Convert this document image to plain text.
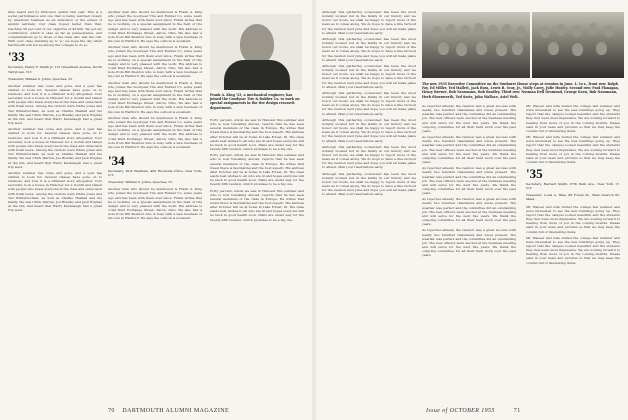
time heard and by Princeton earlier this year. This is a social performance and one that is being watched closely by American business as an indication of the extent of alumni self-help. Our class hoped better than that, reaching 58 per cent of our objective of $3,000. We got my contribution, which is okay as far as perseverance, and congratulations go to those of the class who met the call. With your class standing up to 'p,' we hope the day when Dartmouth will not be among the colleges to do so.

'33
Secretary, Henry F. Smith Jr. 115 Greenfield Avenue, North Tarrytown, N.Y.
Treasurer, William S. Johns, Quechee, Vt.

Another summer has come and gone, and a year has started to loom for. Several classes have gone on to reunions, and now it is a different story altogether. Your secretary took a house in Hanover for a month and talked with people who knew everyone in the class and came back with fresh news. Among the visitors were Eddie Jones and Ted Winterbotham, as well as Charlie Haskell and his family. We saw Chick Warren, Joe Bradley and Jack Hughes at the Inn, and heard that Harry Kavanaugh had a great trip west.

Another summer has come and gone, and a year has started to loom for. Several classes have gone on to reunions, and now it is a different story altogether. Your secretary took a house in Hanover for a month and talked with people who knew everyone in the class and came back with fresh news. Among the visitors were Eddie Jones and Ted Winterbotham, as well as Charlie Haskell and his family. We saw Chick Warren, Joe Bradley and Jack Hughes at the Inn, and heard that Harry Kavanaugh had a great trip west.

Another summer has come and gone, and a year has started to loom for. Several classes have gone on to reunions, and now it is a different story altogether. Your secretary took a house in Hanover for a month and talked with people who knew everyone in the class and came back with fresh news. Among the visitors were Eddie Jones and Ted Winterbotham, as well as Charlie Haskell and his family. We saw Chick Warren, Joe Bradley and Jack Hughes at the Inn, and heard that Harry Kavanaugh had a great trip west.

Another man who should be mentioned is Frank A. King who joined the Goodyear Tire and Rubber Co. some years ago and has been with them ever since. Frank writes that he is working on a special assignment in the field of tire design and is very pleased with the work. His address is 1144 West Exchange Street, Akron, Ohio. We also had a note from Bill Sheldon who is busy with a new business of his own in Hartford. He says the outlook is excellent.

Another man who should be mentioned is Frank A. King who joined the Goodyear Tire and Rubber Co. some years ago and has been with them ever since. Frank writes that he is working on a special assignment in the field of tire design and is very pleased with the work. His address is 1144 West Exchange Street, Akron, Ohio. We also had a note from Bill Sheldon who is busy with a new business of his own in Hartford. He says the outlook is excellent.

Another man who should be mentioned is Frank A. King who joined the Goodyear Tire and Rubber Co. some years ago and has been with them ever since. Frank writes that he is working on a special assignment in the field of tire design and is very pleased with the work. His address is 1144 West Exchange Street, Akron, Ohio. We also had a note from Bill Sheldon who is busy with a new business of his own in Hartford. He says the outlook is excellent.

Another man who should be mentioned is Frank A. King who joined the Goodyear Tire and Rubber Co. some years ago and has been with them ever since. Frank writes that he is working on a special assignment in the field of tire design and is very pleased with the work. His address is 1144 West Exchange Street, Akron, Ohio. We also had a note from Bill Sheldon who is busy with a new business of his own in Hartford. He says the outlook is excellent.

'34
Secretary, Dick Wellman, 460 Riverside Drive, New York, N.Y.
Treasurer, William S. Johns, Quechee, Vt.

Another man who should be mentioned is Frank A. King who joined the Goodyear Tire and Rubber Co. some years ago and has been with them ever since. Frank writes that he is working on a special assignment in the field of tire design and is very pleased with the work. His address is 1144 West Exchange Street, Akron, Ohio. We also had a note from Bill Sheldon who is busy with a new business of his own in Hartford. He says the outlook is excellent.

Frank A. King '33, a mechanical engineer, has joined the Goodyear Tire & Rubber Co. to work on special assignments in the tire design research department.

Forty percent, whom we saw in Hanover this summer and who is now travelling abroad, reports that he has seen several members of the class in Europe. He writes that travel there is fascinating and the food superb. His address after October will be at home in Lake Forest, Ill. The class sends best wishes to all who are ill and hopes everyone will be back in good health soon. Plans are under way for the twenty-fifth reunion, which promises to be a big one.

Forty percent, whom we saw in Hanover this summer and who is now travelling abroad, reports that he has seen several members of the class in Europe. He writes that travel there is fascinating and the food superb. His address after October will be at home in Lake Forest, Ill. The class sends best wishes to all who are ill and hopes everyone will be back in good health soon. Plans are under way for the twenty-fifth reunion, which promises to be a big one.

Forty percent, whom we saw in Hanover this summer and who is now travelling abroad, reports that he has seen several members of the class in Europe. He writes that travel there is fascinating and the food superb. His address after October will be at home in Lake Forest, Ill. The class sends best wishes to all who are ill and hopes everyone will be back in good health soon. Plans are under way for the twenty-fifth reunion, which promises to be a big one.

70 DARTMOUTH ALUMNI MAGAZINE

Although this gathering occasioned has been the most notably located but in the family in our history and we honor our hosts, we shall be happy to report more of the news as it comes along. We do hope to have a fine turnout for the reunion next June and hope you will all make plans to attend. Mail your reservations early.

Although this gathering occasioned has been the most notably located but in the family in our history and we honor our hosts, we shall be happy to report more of the news as it comes along. We do hope to have a fine turnout for the reunion next June and hope you will all make plans to attend. Mail your reservations early.

Although this gathering occasioned has been the most notably located but in the family in our history and we honor our hosts, we shall be happy to report more of the news as it comes along. We do hope to have a fine turnout for the reunion next June and hope you will all make plans to attend. Mail your reservations early.

Although this gathering occasioned has been the most notably located but in the family in our history and we honor our hosts, we shall be happy to report more of the news as it comes along. We do hope to have a fine turnout for the reunion next June and hope you will all make plans to attend. Mail your reservations early.

Although this gathering occasioned has been the most notably located but in the family in our history and we honor our hosts, we shall be happy to report more of the news as it comes along. We do hope to have a fine turnout for the reunion next June and hope you will all make plans to attend. Mail your reservations early.

Although this gathering occasioned has been the most notably located but in the family in our history and we honor our hosts, we shall be happy to report more of the news as it comes along. We do hope to have a fine turnout for the reunion next June and hope you will all make plans to attend. Mail your reservations early.

Although this gathering occasioned has been the most notably located but in the family in our history and we honor our hosts, we shall be happy to report more of the news as it comes along. We do hope to have a fine turnout for the reunion next June and hope you will all make plans to attend. Mail your reservations early.

The new 1935 Executive Committee on the Sunburst House steps at reunion in June. L. to r., front row: Ralph Fay, Ed Miller, Ted Mallett, Jack Ross, Lewis B. Gray, Jr., Wally Carey, Julie Huxley. Second row: Paul Flanagan, Henry Brewer, Bob Nessmann, Bob Bradley. Third row: Norman Dell Desmond, George Keen, Bob Nassmann, Herb Shoenwerth, Ted Sortz, John Wallace, Ariel Welt.

As reported already, the reunion was a great success with nearly two hundred classmates and wives present. The weather was perfect and the committee did an outstanding job. The new officers were elected at the business meeting and will serve for the next five years. We thank the outgoing committee for all their hard work over the past years.

As reported already, the reunion was a great success with nearly two hundred classmates and wives present. The weather was perfect and the committee did an outstanding job. The new officers were elected at the business meeting and will serve for the next five years. We thank the outgoing committee for all their hard work over the past years.

As reported already, the reunion was a great success with nearly two hundred classmates and wives present. The weather was perfect and the committee did an outstanding job. The new officers were elected at the business meeting and will serve for the next five years. We thank the outgoing committee for all their hard work over the past years.

As reported already, the reunion was a great success with nearly two hundred classmates and wives present. The weather was perfect and the committee did an outstanding job. The new officers were elected at the business meeting and will serve for the next five years. We thank the outgoing committee for all their hard work over the past years.

As reported already, the reunion was a great success with nearly two hundred classmates and wives present. The weather was perfect and the committee did an outstanding job. The new officers were elected at the business meeting and will serve for the next five years. We thank the outgoing committee for all their hard work over the past years.

Mr. Hauser and wife visited the college last summer and were interested to see the new buildings going up. They report that the campus looked beautiful and the students they met were most impressive. We are looking forward to hearing from more of you in the coming months. Please send in your news and pictures so that we may keep the column full of interesting items.

Mr. Hauser and wife visited the college last summer and were interested to see the new buildings going up. They report that the campus looked beautiful and the students they met were most impressive. We are looking forward to hearing from more of you in the coming months. Please send in your news and pictures so that we may keep the column full of interesting items.

'35
Secretary, Herbert Smith, 67th Park Ave., New York 17, N.Y.
Treasurer, Louis A. Hale, 80 Forest St., West Newton 65, Mass.

Mr. Hauser and wife visited the college last summer and were interested to see the new buildings going up. They report that the campus looked beautiful and the students they met were most impressive. We are looking forward to hearing from more of you in the coming months. Please send in your news and pictures so that we may keep the column full of interesting items.

Mr. Hauser and wife visited the college last summer and were interested to see the new buildings going up. They report that the campus looked beautiful and the students they met were most impressive. We are looking forward to hearing from more of you in the coming months. Please send in your news and pictures so that we may keep the column full of interesting items.

Issue of OCTOBER 1955	71
